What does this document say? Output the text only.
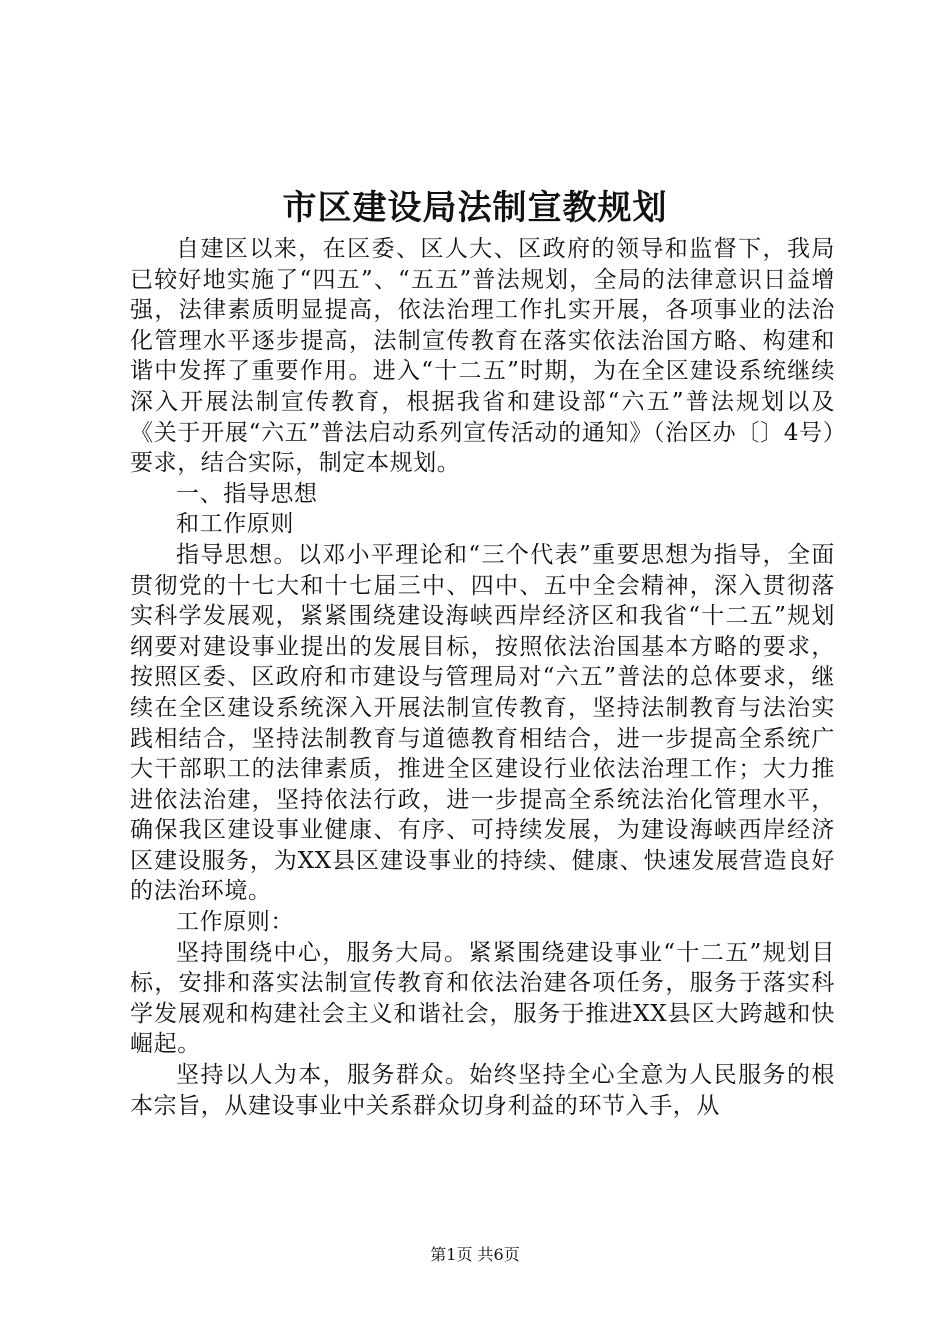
市区建设局法制宣教规划

自建区以来，在区委、区人大、区政府的领导和监督下，我局已较好地实施了“四五”、“五五”普法规划，全局的法律意识日益增强，法律素质明显提高，依法治理工作扎实开展，各项事业的法治化管理水平逐步提高，法制宣传教育在落实依法治国方略、构建和谐中发挥了重要作用。进入“十二五”时期，为在全区建设系统继续深入开展法制宣传教育，根据我省和建设部“六五”普法规划以及《关于开展“六五”普法启动系列宣传活动的通知》（治区办〔〕4号）要求，结合实际，制定本规划。

一、指导思想

和工作原则

指导思想。以邓小平理论和“三个代表”重要思想为指导，全面贯彻党的十七大和十七届三中、四中、五中全会精神，深入贯彻落实科学发展观，紧紧围绕建设海峡西岸经济区和我省“十二五”规划纲要对建设事业提出的发展目标，按照依法治国基本方略的要求，按照区委、区政府和市建设与管理局对“六五”普法的总体要求，继续在全区建设系统深入开展法制宣传教育，坚持法制教育与法治实践相结合，坚持法制教育与道德教育相结合，进一步提高全系统广大干部职工的法律素质，推进全区建设行业依法治理工作；大力推进依法治建，坚持依法行政，进一步提高全系统法治化管理水平，确保我区建设事业健康、有序、可持续发展，为建设海峡西岸经济区建设服务，为XX县区建设事业的持续、健康、快速发展营造良好的法治环境。

工作原则：

坚持围绕中心，服务大局。紧紧围绕建设事业“十二五”规划目标，安排和落实法制宣传教育和依法治建各项任务，服务于落实科学发展观和构建社会主义和谐社会，服务于推进XX县区大跨越和快崛起。

坚持以人为本，服务群众。始终坚持全心全意为人民服务的根本宗旨，从建设事业中关系群众切身利益的环节入手，从

第1页 共6页
